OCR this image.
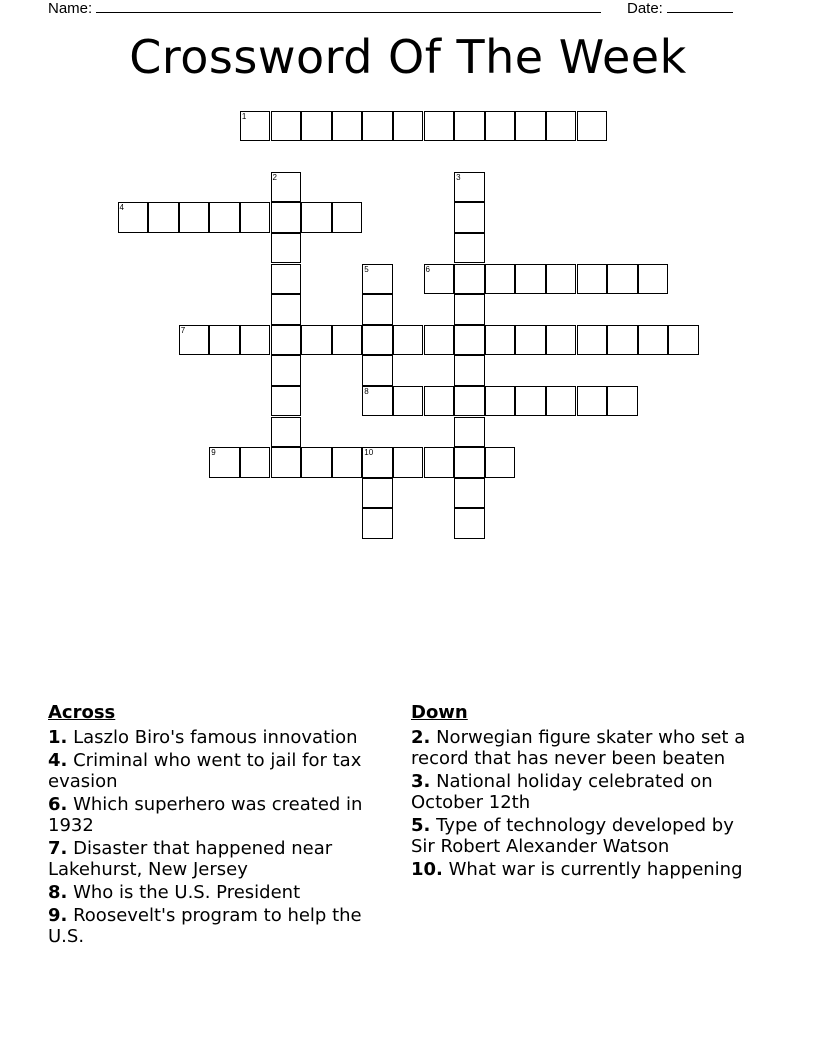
Name:	Date:
Crossword Of The Week
1
2	3
4
5	6
7
8
9	10
Across
1. Laszlo Biro's famous innovation
4. Criminal who went to jail for tax evasion
6. Which superhero was created in 1932
7. Disaster that happened near Lakehurst, New Jersey
8. Who is the U.S. President
9. Roosevelt's program to help the U.S.
Down
2. Norwegian figure skater who set a record that has never been beaten
3. National holiday celebrated on October 12th
5. Type of technology developed by Sir Robert Alexander Watson
10. What war is currently happening
